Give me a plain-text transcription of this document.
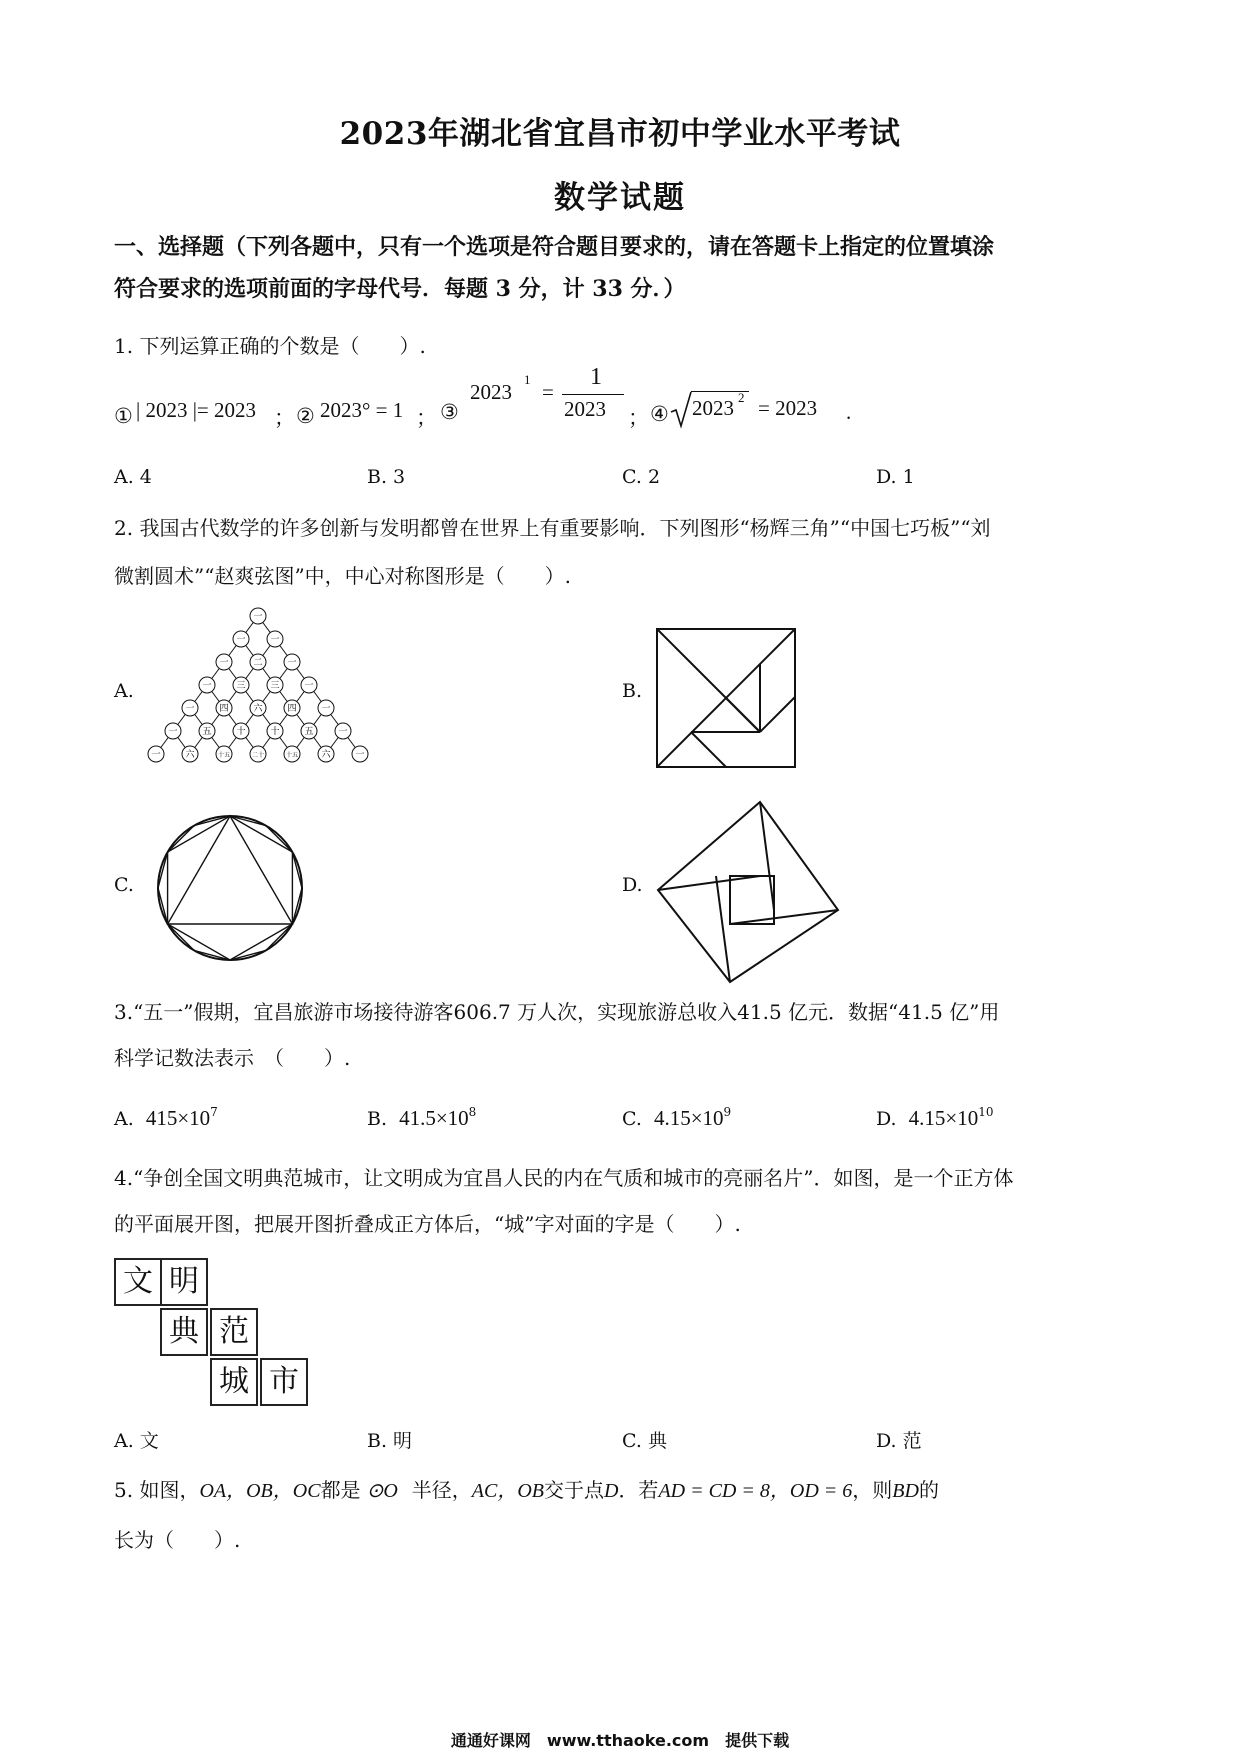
2023年湖北省宜昌市初中学业水平考试
数学试题
一、选择题（下列各题中，只有一个选项是符合题目要求的，请在答题卡上指定的位置填涂
符合要求的选项前面的字母代号．每题 3 分，计 33 分．）
1. 下列运算正确的个数是（　　）.
① | 2023 |= 2023 ； ② 2023° = 1 ； ③
2023
1
=
1
2023 ； ④ 2023 2 = 2023 .
A. 4	B. 3	C. 2	D. 1
2. 我国古代数学的许多创新与发明都曾在世界上有重要影响．下列图形“杨辉三角”“中国七巧板”“刘
微割圆术”“赵爽弦图”中，中心对称图形是（　　）.
A.	B.
C.	D.
一
一	一
一	二	一
一	三	三	一
一	四	六	四	一
一	五	十	十	五	一
一	六	十五	二十	十五	六	一
3.“五一”假期，宜昌旅游市场接待游客606.7 万人次，实现旅游总收入41.5 亿元．数据“41.5 亿”用
科学记数法表示　（　　）.
A. $415\times 10^7$	B. $41.5\times 10^8$	C. $4.15\times 10^9$	D. $4.15\times 10^{10}$
4.“争创全国文明典范城市，让文明成为宜昌人民的内在气质和城市的亮丽名片”．如图，是一个正方体
的平面展开图，把展开图折叠成正方体后，“城”字对面的字是（　　）.
文 明
典 范
城 市
A. 文	B. 明	C. 典	D. 范
5. 如图，OA，OB，OC都是 ⊙O 半径，AC，OB交于点D．若AD = CD = 8，OD = 6，则BD的
长为（　　）.
通通好课网　www.tthaoke.com　提供下载
